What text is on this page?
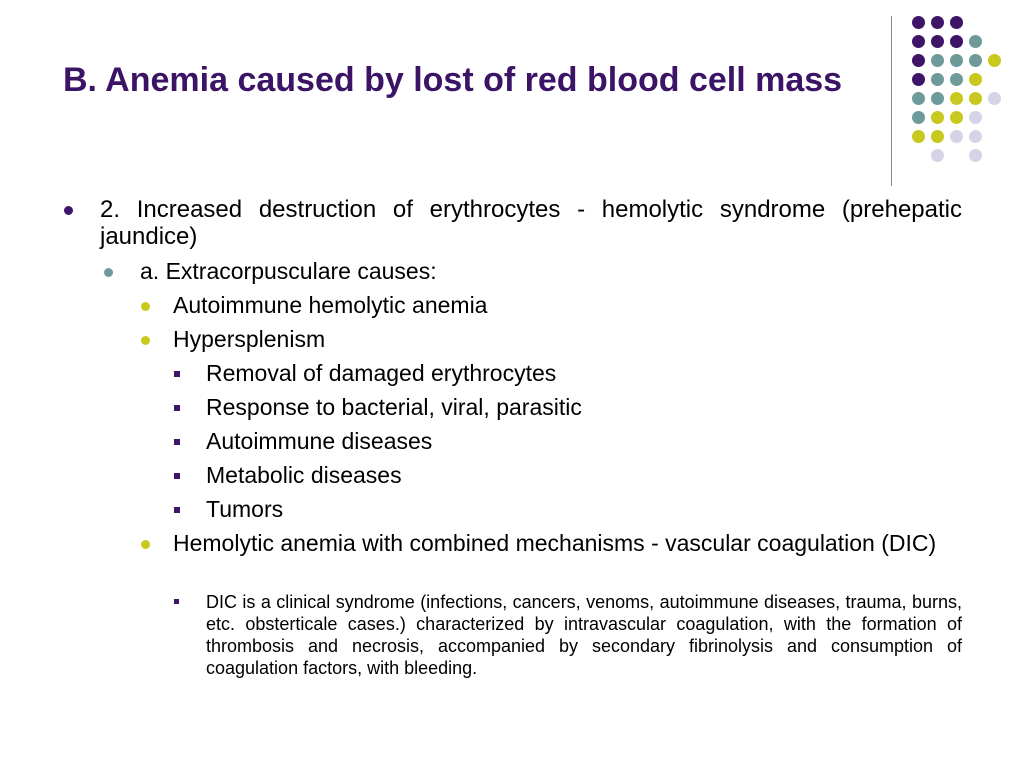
B. Anemia caused by lost of red blood cell mass
2. Increased destruction of erythrocytes - hemolytic syndrome (prehepatic jaundice)
a. Extracorpusculare causes:
Autoimmune hemolytic anemia
Hypersplenism
Removal of damaged erythrocytes
Response to bacterial, viral, parasitic
Autoimmune diseases
Metabolic diseases
Tumors
Hemolytic anemia with combined mechanisms - vascular coagulation (DIC)
DIC is a clinical syndrome (infections, cancers, venoms, autoimmune diseases, trauma, burns, etc. obsterticale cases.) characterized by intravascular coagulation, with the formation of thrombosis and necrosis, accompanied by secondary fibrinolysis and consumption of coagulation factors, with bleeding.
